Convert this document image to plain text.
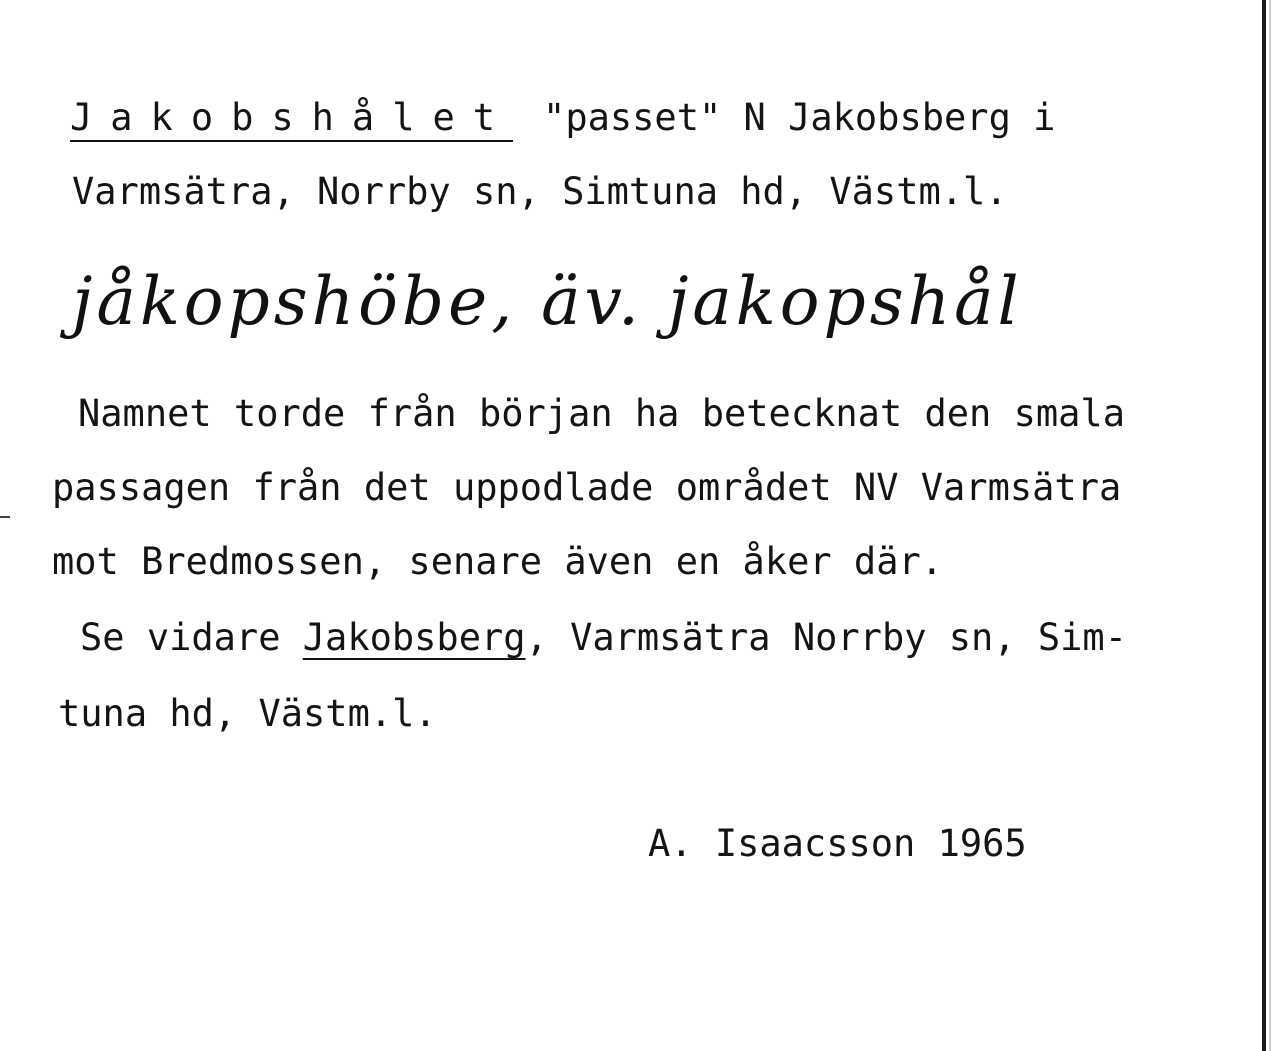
Jakobshålet "passet" N Jakobsberg i
Varmsätra, Norrby sn, Simtuna hd, Västm.l.
jåkopshöbe, äv. jakopshål
Namnet torde från början ha betecknat den smala
passagen från det uppodlade området NV Varmsätra
mot Bredmossen, senare även en åker där.
Se vidare Jakobsberg, Varmsätra Norrby sn, Sim-
tuna hd, Västm.l.
A. Isaacsson 1965
